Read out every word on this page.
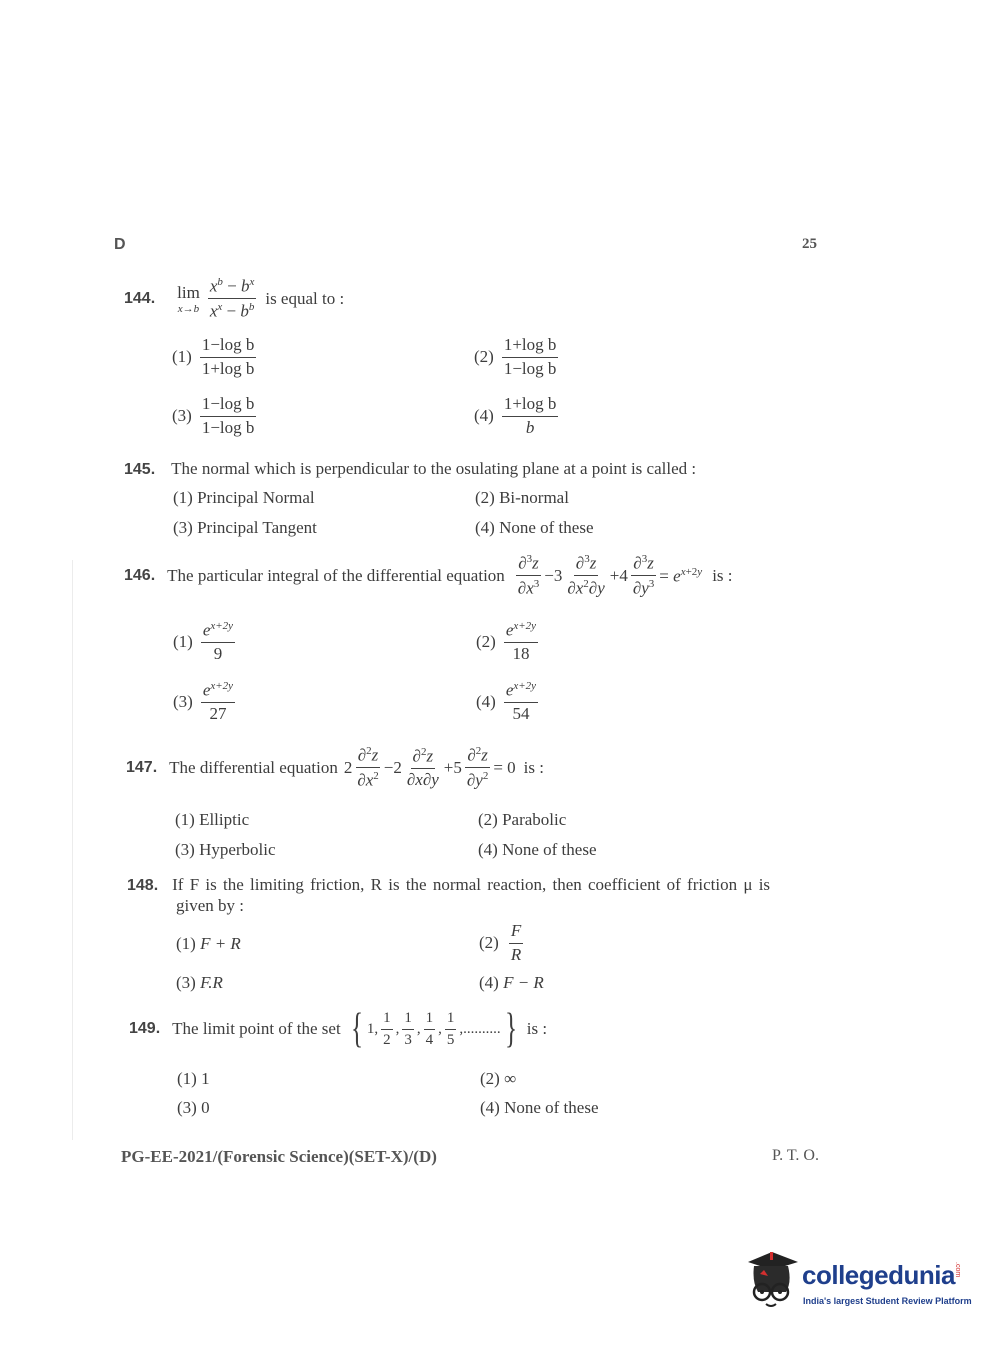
D	25
144. lim
$x\to b \frac{x^b - b^x}{x^x - b^b}$ is equal to :
$(1) \frac{\text{1−log b}}{\text{1+log b}}$	$(2) \frac{\text{1+log b}}{\text{1−log b}}$
$(3) \frac{\text{1−log b}}{\text{1−log b}}$	$(4) \frac{\text{1+log b}}{b}$
145. The normal which is perpendicular to the osulating plane at a point is called :
(1) Principal Normal	(2) Bi-normal
(3) Principal Tangent	(4) None of these
146. The particular integral of the differential equation $\frac{\partial^3z}{\partial x^3} -3 \frac{\partial^3z}{\partial x^2\partial y} +4 \frac{\partial^3z}{\partial y^3} = e^{x+2y}$ is :
$(1) \frac{e^{x+2y}}{9}$	$(2) \frac{e^{x+2y}}{18}$
$(3) \frac{e^{x+2y}}{27}$	$(4) \frac{e^{x+2y}}{54}$
147. The differential equation $2 \frac{\partial^2z}{\partial x^2} -2 \frac{\partial^2z}{\partial x\partial y} +5 \frac{\partial^2z}{\partial y^2} = 0$ is :
(1) Elliptic	(2) Parabolic
(3) Hyperbolic	(4) None of these
148. If F is the limiting friction, R is the normal reaction, then coefficient of friction μ is
given by :
(1) F + R	$(2) \frac{F}{R}$
(3) F.R	(4) F − R
149. The limit point of the set { 1, $\frac{1}{2}$ , $\frac{1}{3}$ , $\frac{1}{4}$ , $\frac{1}{5}$ ,.......... } is :
(1) 1	(2) ∞
(3) 0	(4) None of these
PG-EE-2021/(Forensic Science)(SET-X)/(D)	P. T. O.
collegedunia .com
India's largest Student Review Platform
